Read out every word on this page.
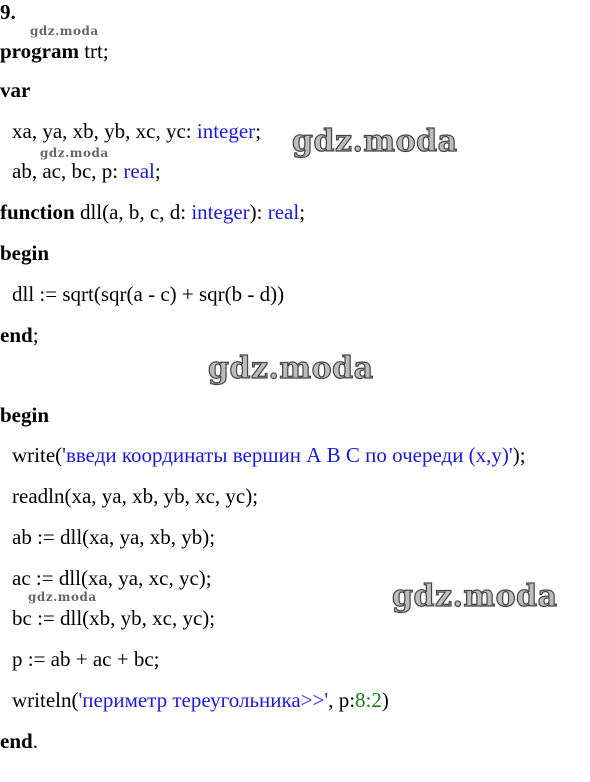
9.
program trt;
var
xa, ya, xb, yb, xc, yc: integer;
ab, ac, bc, p: real;
function dll(a, b, c, d: integer): real;
begin
dll := sqrt(sqr(a - c) + sqr(b - d))
end;
begin
write('введи координаты вершин А В С по очереди (x,y)');
readln(xa, ya, xb, yb, xc, yc);
ab := dll(xa, ya, xb, yb);
ac := dll(xa, ya, xc, yc);
bc := dll(xb, yb, xc, yc);
p := ab + ac + bc;
writeln('периметр тереугольника>>', p:8:2)
end.
gdz.moda
gdz.moda	gdz.moda
gdz.moda
gdz.moda
gdz.moda
